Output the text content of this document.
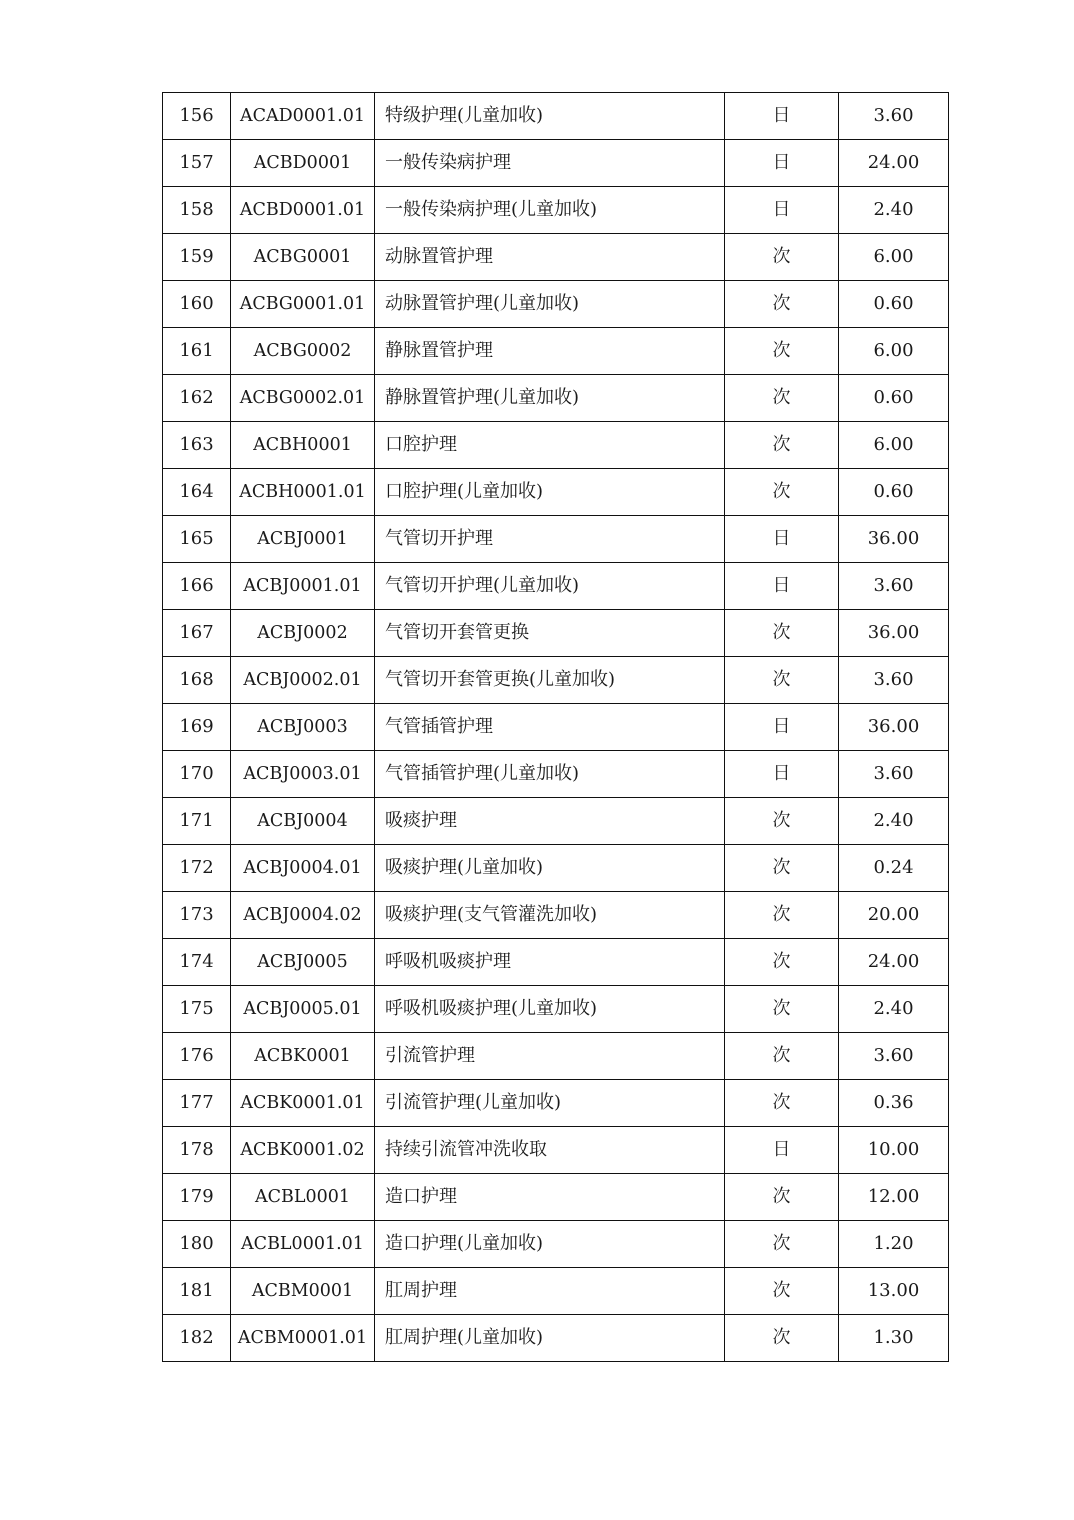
156	ACAD0001.01	特级护理(儿童加收)	日	3.60
157	ACBD0001	一般传染病护理	日	24.00
158	ACBD0001.01	一般传染病护理(儿童加收)	日	2.40
159	ACBG0001	动脉置管护理	次	6.00
160	ACBG0001.01	动脉置管护理(儿童加收)	次	0.60
161	ACBG0002	静脉置管护理	次	6.00
162	ACBG0002.01	静脉置管护理(儿童加收)	次	0.60
163	ACBH0001	口腔护理	次	6.00
164	ACBH0001.01	口腔护理(儿童加收)	次	0.60
165	ACBJ0001	气管切开护理	日	36.00
166	ACBJ0001.01	气管切开护理(儿童加收)	日	3.60
167	ACBJ0002	气管切开套管更换	次	36.00
168	ACBJ0002.01	气管切开套管更换(儿童加收)	次	3.60
169	ACBJ0003	气管插管护理	日	36.00
170	ACBJ0003.01	气管插管护理(儿童加收)	日	3.60
171	ACBJ0004	吸痰护理	次	2.40
172	ACBJ0004.01	吸痰护理(儿童加收)	次	0.24
173	ACBJ0004.02	吸痰护理(支气管灌洗加收)	次	20.00
174	ACBJ0005	呼吸机吸痰护理	次	24.00
175	ACBJ0005.01	呼吸机吸痰护理(儿童加收)	次	2.40
176	ACBK0001	引流管护理	次	3.60
177	ACBK0001.01	引流管护理(儿童加收)	次	0.36
178	ACBK0001.02	持续引流管冲洗收取	日	10.00
179	ACBL0001	造口护理	次	12.00
180	ACBL0001.01	造口护理(儿童加收)	次	1.20
181	ACBM0001	肛周护理	次	13.00
182	ACBM0001.01	肛周护理(儿童加收)	次	1.30
